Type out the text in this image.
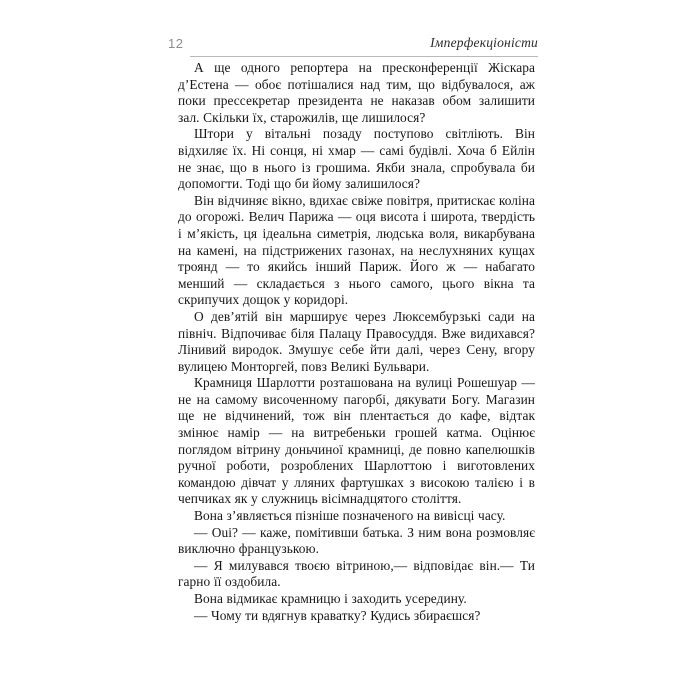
12	Імперфекціоністи

А ще одного репортера на пресконференції Жіскара д’Естена — обоє потішалися над тим, що відбувалося, аж поки прессекретар президента не наказав обом залишити зал. Скільки їх, старожилів, ще лишилося?

Штори у вітальні позаду поступово світліють. Він відхиляє їх. Ні сонця, ні хмар — самі будівлі. Хоча б Ейлін не знає, що в нього із грошима. Якби знала, спробувала би допомогти. Тоді що би йому залишилося?

Він відчиняє вікно, вдихає свіже повітря, притискає коліна до огорожі. Велич Парижа — оця висота і широта, твердість і м’якість, ця ідеальна симетрія, людська воля, викарбувана на камені, на підстрижених газонах, на неслухняних кущах троянд — то якийсь інший Париж. Його ж — набагато менший — складається з нього самого, цього вікна та скрипучих дощок у коридорі.

О дев’ятій він марширує через Люксембурзькі сади на північ. Відпочиває біля Палацу Правосуддя. Вже видихався? Лінивий виродок. Змушує себе йти далі, через Сену, вгору вулицею Монторгей, повз Великі Бульвари.

Крамниця Шарлотти розташована на вулиці Рошешуар — не на самому височенному пагорбі, дякувати Богу. Магазин ще не відчинений, тож він плентається до кафе, відтак змінює намір — на витребеньки грошей катма. Оцінює поглядом вітрину доньчиної крамниці, де повно капелюшків ручної роботи, розроблених Шарлоттою і виготовлених командою дівчат у лляних фартушках з високою талією і в чепчиках як у служниць вісімнадцятого століття.

Вона з’являється пізніше позначеного на вивісці часу.

— Oui? — каже, помітивши батька. З ним вона розмовляє виключно французькою.

— Я милувався твоєю вітриною,— відповідає він.— Ти гарно її оздобила.

Вона відмикає крамницю і заходить усередину.

— Чому ти вдягнув краватку? Кудись збираєшся?
